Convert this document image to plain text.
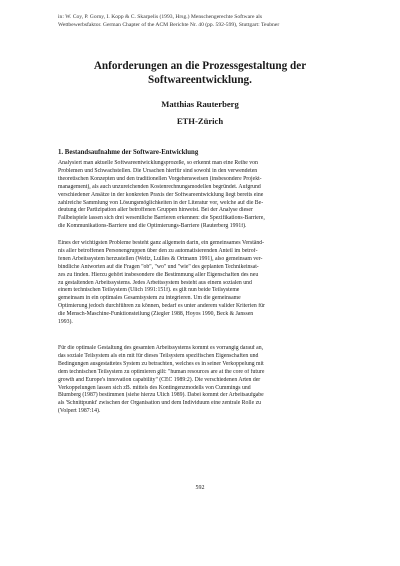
in: W. Coy, P. Gorny, I. Kopp & C. Skarpelis (1993, Hrsg.) Menschengerechte Software als
Wettbewerbsfaktor. German Chapter of the ACM Berichte Nr. 40 (pp. 592-599), Stuttgart: Teubner
Anforderungen an die Prozessgestaltung der
Softwareentwicklung.
Matthias Rauterberg
ETH-Zürich
1. Bestandsaufnahme der Software-Entwicklung
Analysiert man aktuelle Softwareentwicklungsprozeße, so erkennt man eine Reihe von
Problemen und Schwachstellen. Die Ursachen hierfür sind sowohl in den verwendeten
theoretischen Konzepten und den traditionellen Vorgehensweisen (insbesondere Projekt-
management), als auch unzureichenden Kostenrechnungsmodellen begründet. Aufgrund
verschiedener Ansätze in der konkreten Praxis der Softwareentwicklung liegt bereits eine
zahlreiche Sammlung von Lösungsmöglichkeiten in der Literatur vor, welche auf die Be-
deutung der Partizipation aller betroffenen Gruppen hinweist. Bei der Analyse dieser
Fallbeispiele lassen sich drei wesentliche Barrieren erkennen: die Spezifikations-Barriere,
die Kommunikations-Barriere und die Optimierungs-Barriere (Rauterberg 1991f).
Eines der wichtigsten Probleme besteht ganz allgemein darin, ein gemeinsames Verständ-
nis aller betroffenen Personengruppen über den zu automatisierenden Anteil im betrof-
fenen Arbeitssystem herzustellen (Weltz, Lullies & Ortmann 1991), also gemeinsam ver-
bindliche Antworten auf die Fragen "ob", "wo" und "wie" des geplanten Technikeinsat-
zes zu finden. Hierzu gehört insbesondere die Bestimmung aller Eigenschaften des neu
zu gestaltenden Arbeitssystems. Jedes Arbeitssystem besteht aus einem sozialen und
einem technischen Teilsystem (Ulich 1991:151f). es gilt nun beide Teilsysteme
gemeinsam in ein optimales Gesamtsystem zu integrieren. Um die gemeinsame
Optimierung jedoch durchführen zu können, bedarf es unter anderem valider Kriterien für
die Mensch-Maschine-Funktionsteilung (Ziegler 1988, Hoyos 1990, Beck & Janssen
1993).
Für die optimale Gestaltung des gesamten Arbeitssystems kommt es vorrangig darauf an,
das soziale Teilsystem als ein mit für dieses Teilsystem spezifischen Eigenschaften und
Bedingungen ausgestattetes System zu betrachten, welches es in seiner Verkoppelung mit
dem technischen Teilsystem zu optimieren gilt: "human resources are at the core of future
growth and Europe's innovation capability" (CEC 1989:2). Die verschiedenen Arten der
Verkoppelungen lassen sich zB. mittels des Kontingenzmodells von Cummings und
Blumberg (1987) bestimmen (siehe hierzu Ulich 1989). Dabei kommt der Arbeitsaufgabe
als 'Schnittpunkt' zwischen der Organisation und dem Individuum eine zentrale Rolle zu
(Volpert 1987:14).
592
